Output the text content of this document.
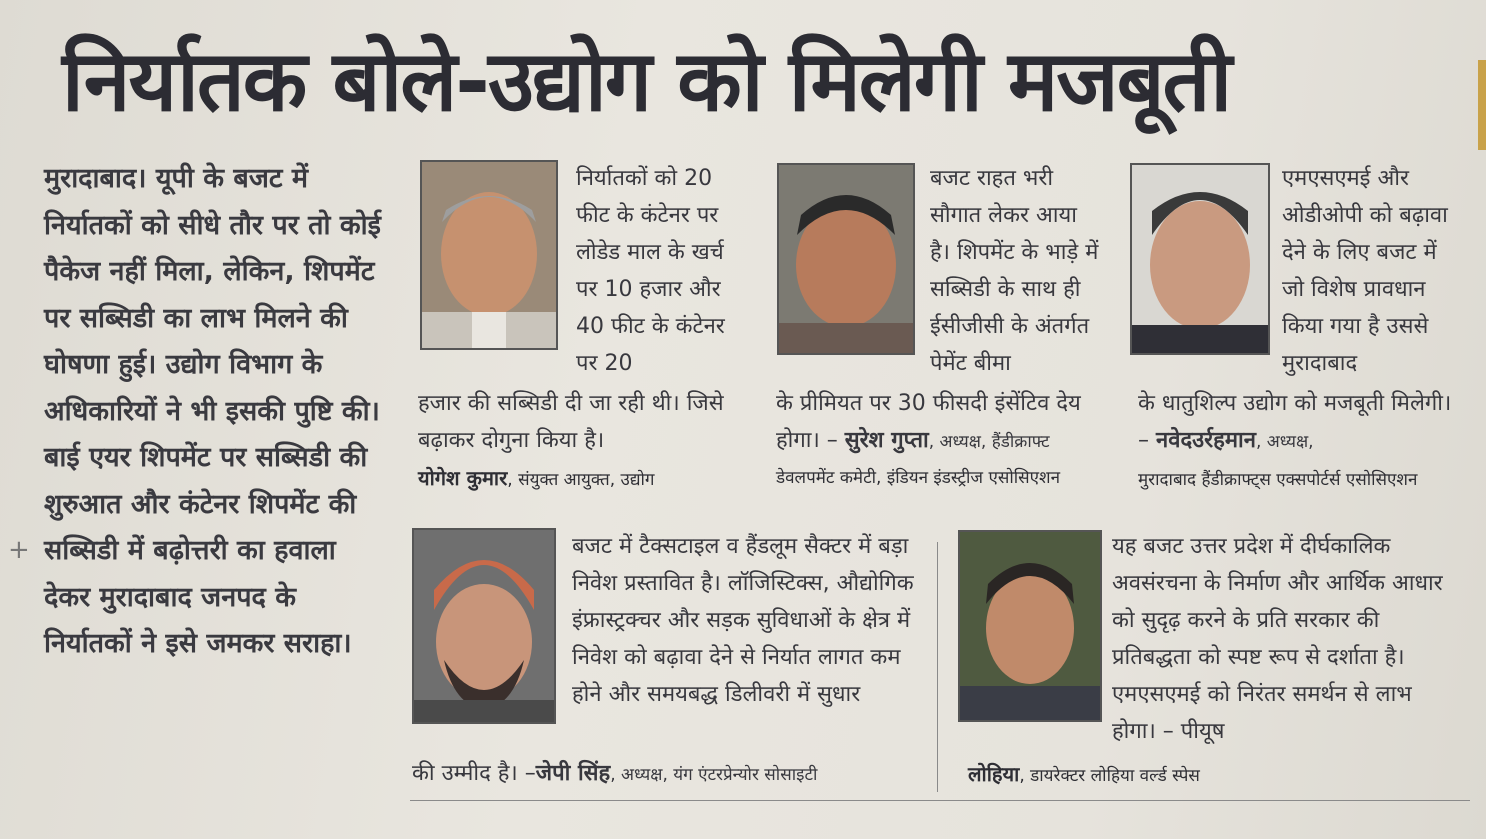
निर्यातक बोले-उद्योग को मिलेगी मजबूती
+
मुरादाबाद। यूपी के बजट में निर्यातकों को सीधे तौर पर तो कोई पैकेज नहीं मिला, लेकिन, शिपमेंट पर सब्सिडी का लाभ मिलने की घोषणा हुई। उद्योग विभाग के अधिकारियों ने भी इसकी पुष्टि की। बाई एयर शिपमेंट पर सब्सिडी की शुरुआत और कंटेनर शिपमेंट की सब्सिडी में बढ़ोत्तरी का हवाला देकर मुरादाबाद जनपद के निर्यातकों ने इसे जमकर सराहा।
निर्यातकों को 20 फीट के कंटेनर पर लोडेड माल के खर्च पर 10 हजार और 40 फीट के कंटेनर पर 20
हजार की सब्सिडी दी जा रही थी। जिसे बढ़ाकर दोगुना किया है।
योगेश कुमार, संयुक्त आयुक्त, उद्योग
बजट राहत भरी सौगात लेकर आया है। शिपमेंट के भाड़े में सब्सिडी के साथ ही ईसीजीसी के अंतर्गत पेमेंट बीमा
के प्रीमियत पर 30 फीसदी इंसेंटिव देय होगा। – सुरेश गुप्ता, अध्यक्ष, हैंडीक्राफ्ट
डेवलपमेंट कमेटी, इंडियन इंडस्ट्रीज एसोसिएशन
एमएसएमई और ओडीओपी को बढ़ावा देने के लिए बजट में जो विशेष प्रावधान किया गया है उससे मुरादाबाद
के धातुशिल्प उद्योग को मजबूती मिलेगी। – नवेदउर्रहमान, अध्यक्ष,
मुरादाबाद हैंडीक्राफ्ट्स एक्सपोर्टर्स एसोसिएशन
बजट में टैक्सटाइल व हैंडलूम सैक्टर में बड़ा निवेश प्रस्तावित है। लॉजिस्टिक्स, औद्योगिक इंफ्रास्ट्रक्चर और सड़क सुविधाओं के क्षेत्र में निवेश को बढ़ावा देने से निर्यात लागत कम होने और समयबद्ध डिलीवरी में सुधार
की उम्मीद है। –जेपी सिंह, अध्यक्ष, यंग एंटरप्रेन्योर सोसाइटी
यह बजट उत्तर प्रदेश में दीर्घकालिक अवसंरचना के निर्माण और आर्थिक आधार को सुदृढ़ करने के प्रति सरकार की प्रतिबद्धता को स्पष्ट रूप से दर्शाता है। एमएसएमई को निरंतर समर्थन से लाभ होगा। – पीयूष
लोहिया, डायरेक्टर लोहिया वर्ल्ड स्पेस
